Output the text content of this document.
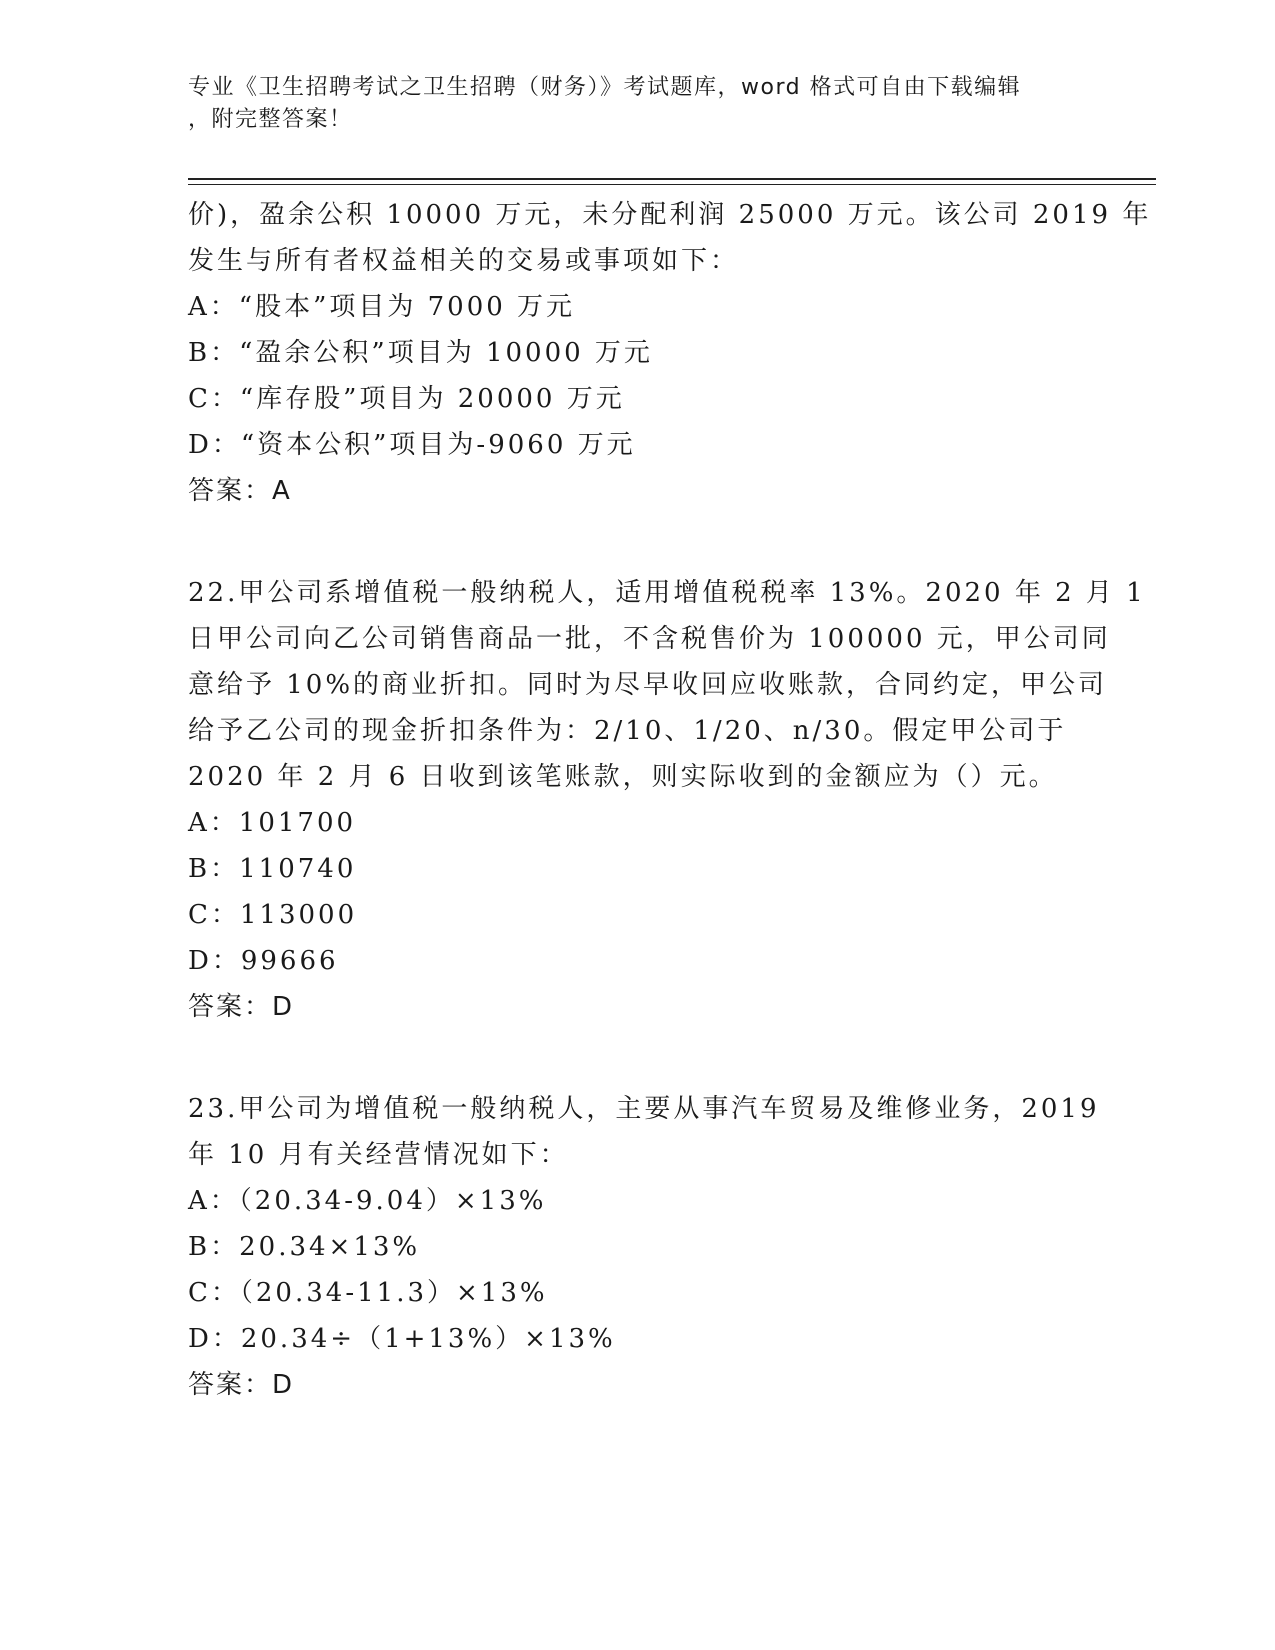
专业《卫生招聘考试之卫生招聘（财务）》考试题库，word 格式可自由下载编辑
，附完整答案！
价)，盈余公积 10000 万元，未分配利润 25000 万元。该公司 2019 年
发生与所有者权益相关的交易或事项如下：
A：“股本”项目为 7000 万元
B：“盈余公积”项目为 10000 万元
C：“库存股”项目为 20000 万元
D：“资本公积”项目为-9060 万元
答案：A
22.甲公司系增值税一般纳税人，适用增值税税率 13%。2020 年 2 月 1
日甲公司向乙公司销售商品一批，不含税售价为 100000 元，甲公司同
意给予 10%的商业折扣。同时为尽早收回应收账款，合同约定，甲公司
给予乙公司的现金折扣条件为：2/10、1/20、n/30。假定甲公司于
2020 年 2 月 6 日收到该笔账款，则实际收到的金额应为（）元。
A：101700
B：110740
C：113000
D：99666
答案：D
23.甲公司为增值税一般纳税人，主要从事汽车贸易及维修业务，2019
年 10 月有关经营情况如下：
A：（20.34-9.04）×13%
B：20.34×13%
C：（20.34-11.3）×13%
D：20.34÷（1+13%）×13%
答案：D
